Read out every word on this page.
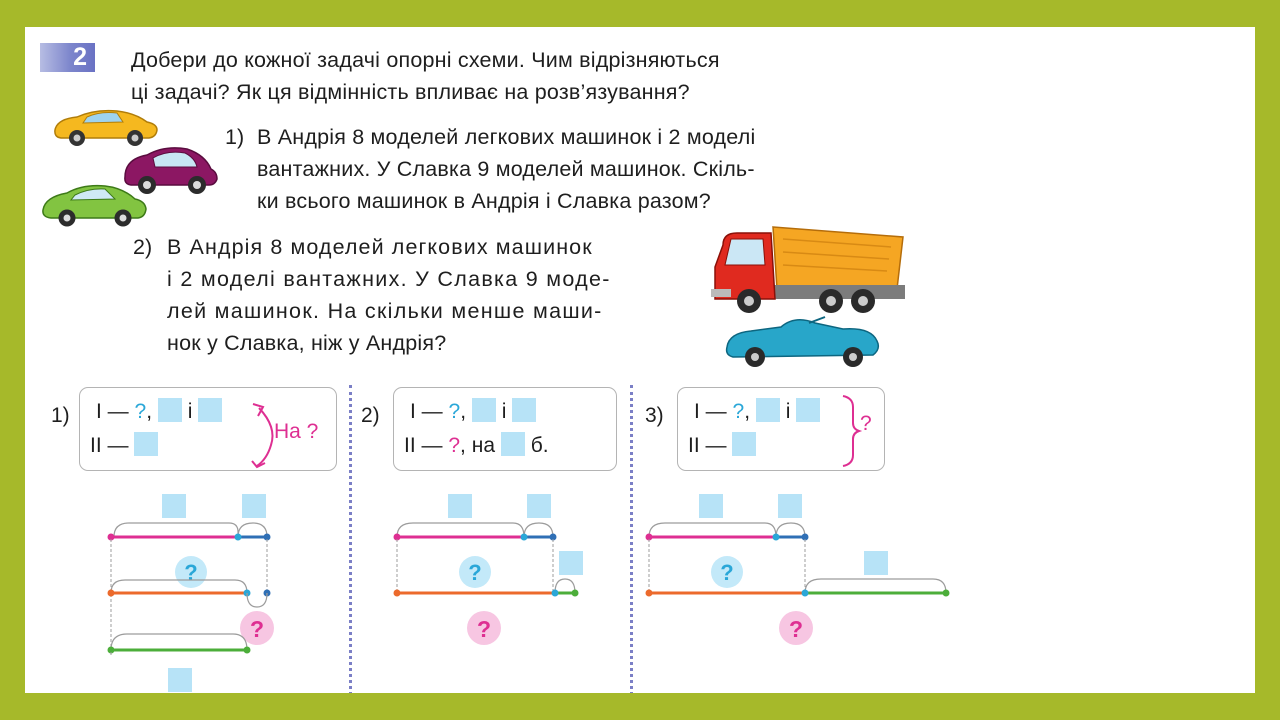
2 Добери до кожної задачі опорні схеми. Чим відрізняються
ці задачі? Як ця відмінність впливає на розв’язування?
1) В Андрія 8 моделей легкових машинок і 2 моделі
вантажних. У Славка 9 моделей машинок. Скіль-
ки всього машинок в Андрія і Славка разом?
2) В Андрія 8 моделей легкових машинок
і 2 моделі вантажних. У Славка 9 моде-
лей машинок. На скільки менше маши-
нок у Славка, ніж у Андрія?
1)	2)	3)
I — ?, і
II —
На ?
I — ?, і
II — ?, на б.
I — ?, і
II —
?
?
?
?
?
?
?
